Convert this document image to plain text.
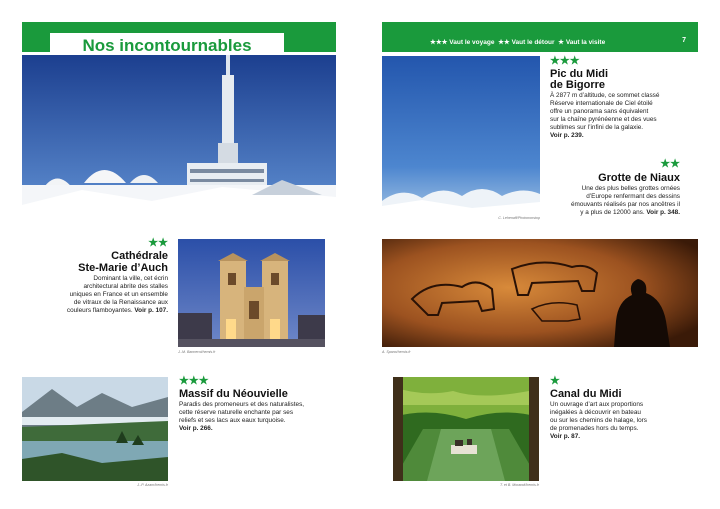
Nos incontournables
★★
Cathédrale
Ste-Marie d’Auch
Dominant la ville, cet écrin
architectural abrite des stalles
uniques en France et un ensemble
de vitraux de la Renaissance aux
couleurs flamboyantes. Voir p. 107.
J.-M. Bannerot/hemis.fr
J.-P. Azam/hemis.fr
★★★
Massif du Néouvielle
Paradis des promeneurs et des naturalistes,
cette réserve naturelle enchante par ses
reliefs et ses lacs aux eaux turquoise.
Voir p. 266.
★★★ Vaut le voyage ★★ Vaut le détour ★ Vaut la visite	7
C. Lehenaff/Photononstop
★★★
Pic du Midi
de Bigorre
À 2877 m d’altitude, ce sommet classé
Réserve internationale de Ciel étoilé
offre un panorama sans équivalent
sur la chaîne pyrénéenne et des vues
sublimes sur l’infini de la galaxie.
Voir p. 239.
★★
Grotte de Niaux
Une des plus belles grottes ornées
d’Europe renfermant des dessins
émouvants réalisés par nos ancêtres il
y a plus de 12000 ans. Voir p. 348.
A. Spano/hemis.fr
T. et B. Morandi/hemis.fr
★
Canal du Midi
Un ouvrage d’art aux proportions
inégalées à découvrir en bateau
ou sur les chemins de halage, lors
de promenades hors du temps.
Voir p. 87.
